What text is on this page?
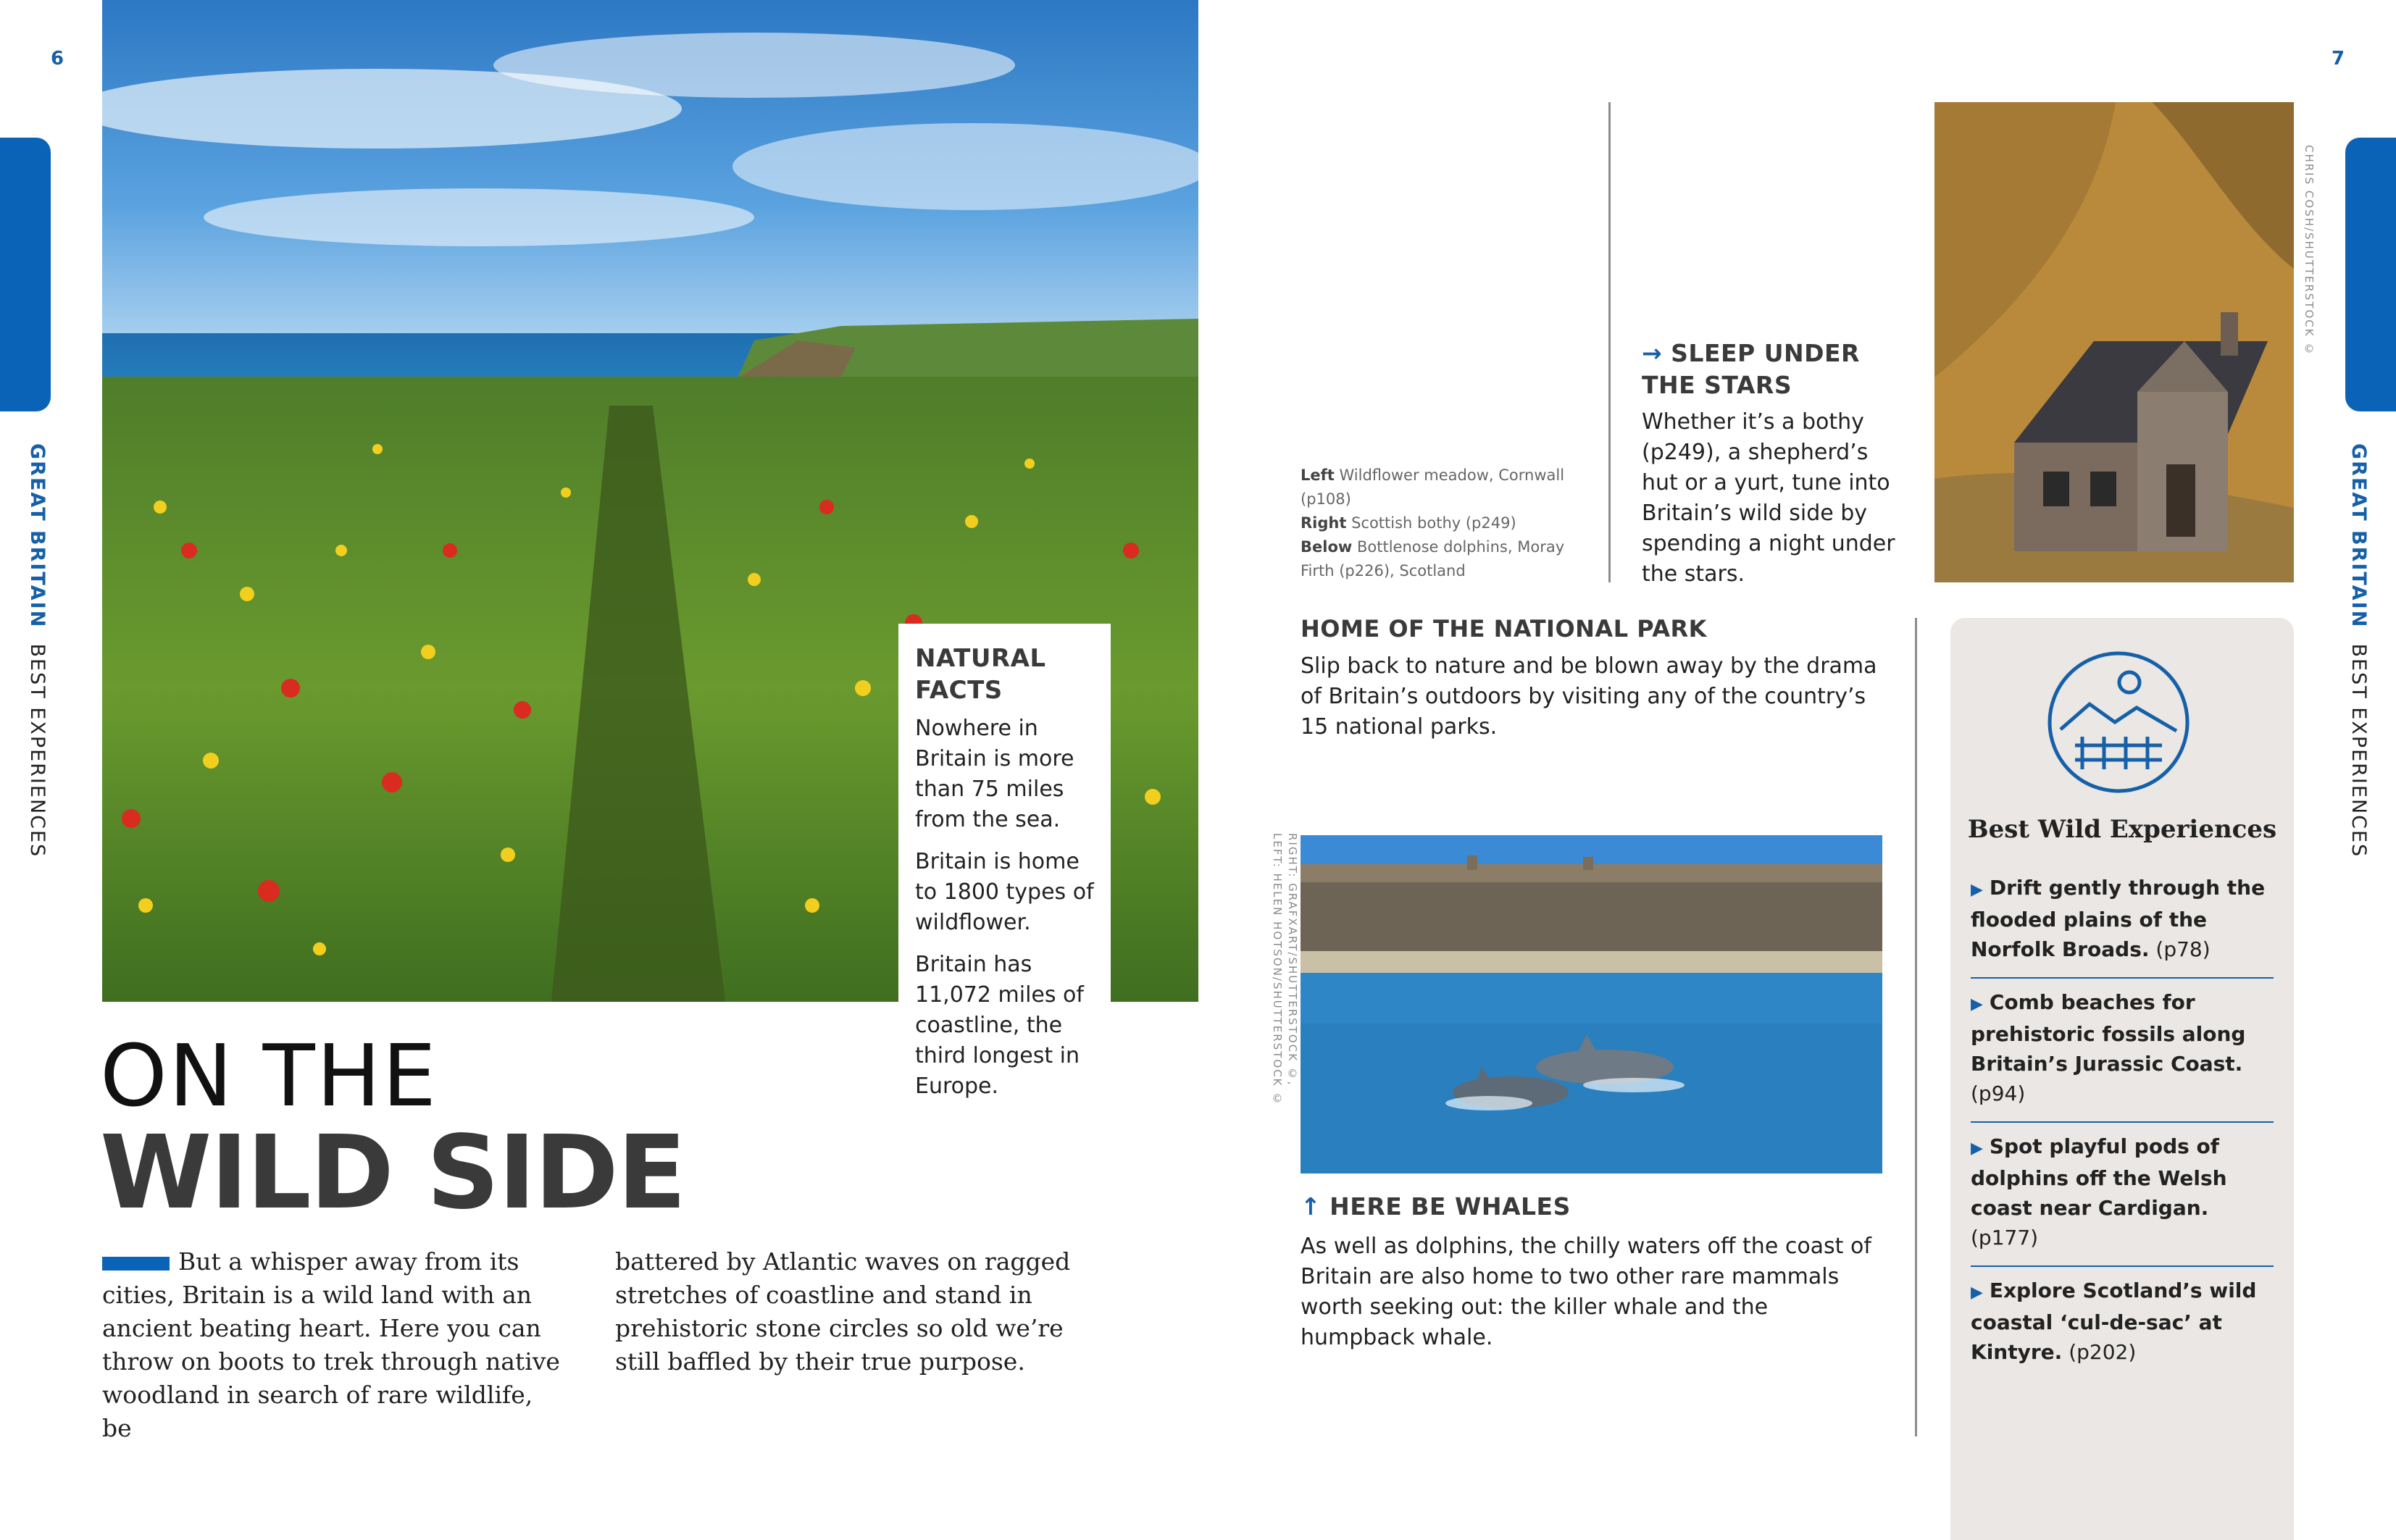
6
GREAT BRITAIN  BEST EXPERIENCES	NATURAL FACTS
Nowhere in Britain is more than 75 miles from the sea.
Britain is home to 1800 types of wildflower.
Britain has 11,072 miles of coastline, the third longest in Europe.
ON THE
WILD SIDE
But a whisper away from its cities, Britain is a wild land with an ancient beating heart. Here you can throw on boots to trek through native woodland in search of rare wildlife, be
battered by Atlantic waves on ragged stretches of coastline and stand in prehistoric stone circles so old we’re still baffled by their true purpose.
7
GREAT BRITAIN  BEST EXPERIENCES
Left Wildflower meadow, Cornwall (p108)
Right Scottish bothy (p249)
Below Bottlenose dolphins, Moray Firth (p226), Scotland
→ SLEEP UNDER
THE STARS
Whether it’s a bothy (p249), a shepherd’s hut or a yurt, tune into Britain’s wild side by spending a night under the stars.
CHRIS COSH/SHUTTERSTOCK ©
HOME OF THE NATIONAL PARK
Slip back to nature and be blown away by the drama of Britain’s outdoors by visiting any of the country’s 15 national parks.
RIGHT: GRAFXART/SHUTTERSTOCK ©,
LEFT: HELEN HOTSON/SHUTTERSTOCK ©
↑ HERE BE WHALES
As well as dolphins, the chilly waters off the coast of Britain are also home to two other rare mammals worth seeking out: the killer whale and the humpback whale.
Best Wild Experiences
▶ Drift gently through the flooded plains of the Norfolk Broads. (p78)
▶ Comb beaches for prehistoric fossils along Britain’s Jurassic Coast. (p94)
▶ Spot playful pods of dolphins off the Welsh coast near Cardigan. (p177)
▶ Explore Scotland’s wild coastal ‘cul-de-sac’ at Kintyre. (p202)
